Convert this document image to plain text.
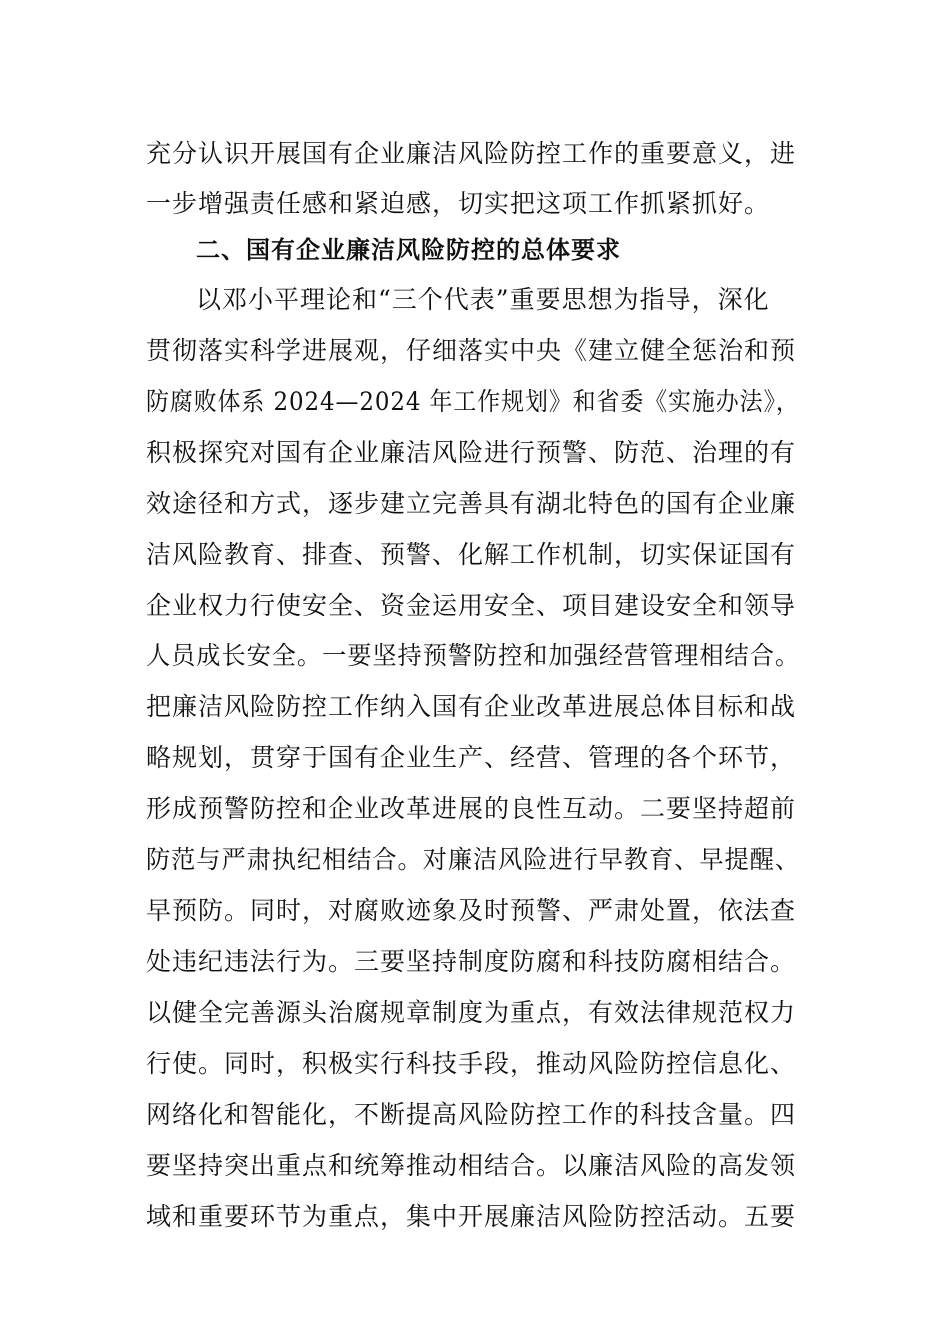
充分认识开展国有企业廉洁风险防控工作的重要意义，进
一步增强责任感和紧迫感，切实把这项工作抓紧抓好。
二、国有企业廉洁风险防控的总体要求
以邓小平理论和“三个代表”重要思想为指导，深化
贯彻落实科学进展观，仔细落实中央《建立健全惩治和预
防腐败体系 2024—2024 年工作规划》和省委《实施办法》，
积极探究对国有企业廉洁风险进行预警、防范、治理的有
效途径和方式，逐步建立完善具有湖北特色的国有企业廉
洁风险教育、排查、预警、化解工作机制，切实保证国有
企业权力行使安全、资金运用安全、项目建设安全和领导
人员成长安全。一要坚持预警防控和加强经营管理相结合。
把廉洁风险防控工作纳入国有企业改革进展总体目标和战
略规划，贯穿于国有企业生产、经营、管理的各个环节，
形成预警防控和企业改革进展的良性互动。二要坚持超前
防范与严肃执纪相结合。对廉洁风险进行早教育、早提醒、
早预防。同时，对腐败迹象及时预警、严肃处置，依法查
处违纪违法行为。三要坚持制度防腐和科技防腐相结合。
以健全完善源头治腐规章制度为重点，有效法律规范权力
行使。同时，积极实行科技手段，推动风险防控信息化、
网络化和智能化，不断提高风险防控工作的科技含量。四
要坚持突出重点和统筹推动相结合。以廉洁风险的高发领
域和重要环节为重点，集中开展廉洁风险防控活动。五要
